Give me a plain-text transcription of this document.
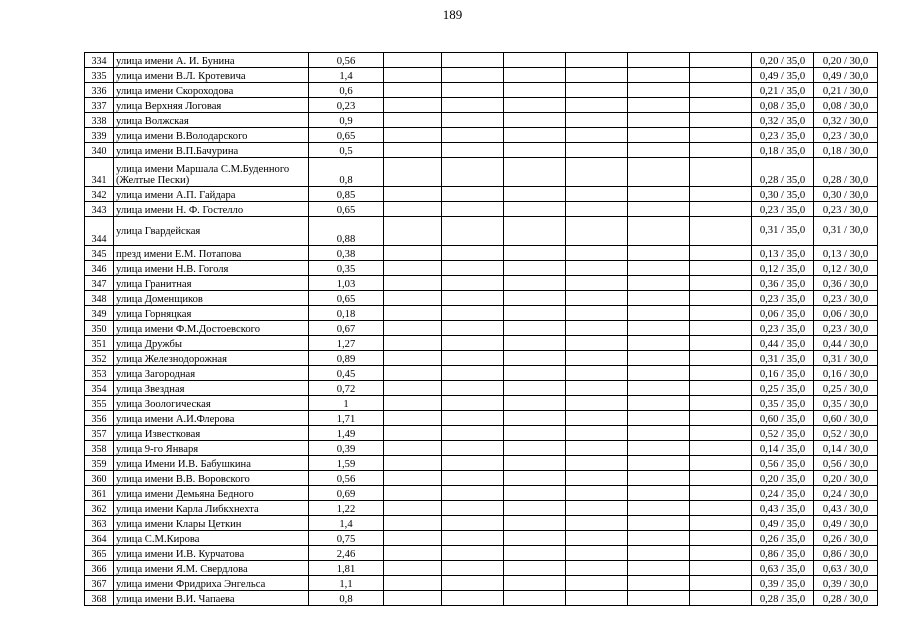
189
334	улица имени А. И. Бунина	0,56							0,20 / 35,0	0,20 / 30,0
335	улица имени В.Л. Кротевича	1,4							0,49 / 35,0	0,49 / 30,0
336	улица имени Скороходова	0,6							0,21 / 35,0	0,21 / 30,0
337	улица Верхняя Логовая	0,23							0,08 / 35,0	0,08 / 30,0
338	улица Волжская	0,9							0,32 / 35,0	0,32 / 30,0
339	улица имени В.Володарского	0,65							0,23 / 35,0	0,23 / 30,0
340	улица имени В.П.Бачурина	0,5							0,18 / 35,0	0,18 / 30,0
341	улица имени Маршала С.М.Буденного (Желтые Пески)	0,8							0,28 / 35,0	0,28 / 30,0
342	улица имени А.П. Гайдара	0,85							0,30 / 35,0	0,30 / 30,0
343	улица имени Н. Ф. Гостелло	0,65							0,23 / 35,0	0,23 / 30,0
344	улица Гвардейская	0,88							0,31 / 35,0	0,31 / 30,0
345	презд имени Е.М. Потапова	0,38							0,13 / 35,0	0,13 / 30,0
346	улица имени Н.В. Гоголя	0,35							0,12 / 35,0	0,12 / 30,0
347	улица Гранитная	1,03							0,36 / 35,0	0,36 / 30,0
348	улица Доменщиков	0,65							0,23 / 35,0	0,23 / 30,0
349	улица Горняцкая	0,18							0,06 / 35,0	0,06 / 30,0
350	улица имени Ф.М.Достоевского	0,67							0,23 / 35,0	0,23 / 30,0
351	улица Дружбы	1,27							0,44 / 35,0	0,44 / 30,0
352	улица Железнодорожная	0,89							0,31 / 35,0	0,31 / 30,0
353	улица Загородная	0,45							0,16 / 35,0	0,16 / 30,0
354	улица Звездная	0,72							0,25 / 35,0	0,25 / 30,0
355	улица Зоологическая	1							0,35 / 35,0	0,35 / 30,0
356	улица имени А.И.Флерова	1,71							0,60 / 35,0	0,60 / 30,0
357	улица Известковая	1,49							0,52 / 35,0	0,52 / 30,0
358	улица 9-го Января	0,39							0,14 / 35,0	0,14 / 30,0
359	улица Имени И.В. Бабушкина	1,59							0,56 / 35,0	0,56 / 30,0
360	улица имени В.В. Воровского	0,56							0,20 / 35,0	0,20 / 30,0
361	улица имени Демьяна Бедного	0,69							0,24 / 35,0	0,24 / 30,0
362	улица имени Карла Либкхнехта	1,22							0,43 / 35,0	0,43 / 30,0
363	улица имени Клары Цеткин	1,4							0,49 / 35,0	0,49 / 30,0
364	улица С.М.Кирова	0,75							0,26 / 35,0	0,26 / 30,0
365	улица имени И.В. Курчатова	2,46							0,86 / 35,0	0,86 / 30,0
366	улица имени Я.М. Свердлова	1,81							0,63 / 35,0	0,63 / 30,0
367	улица имени Фридриха Энгельса	1,1							0,39 / 35,0	0,39 / 30,0
368	улица имени В.И. Чапаева	0,8							0,28 / 35,0	0,28 / 30,0
